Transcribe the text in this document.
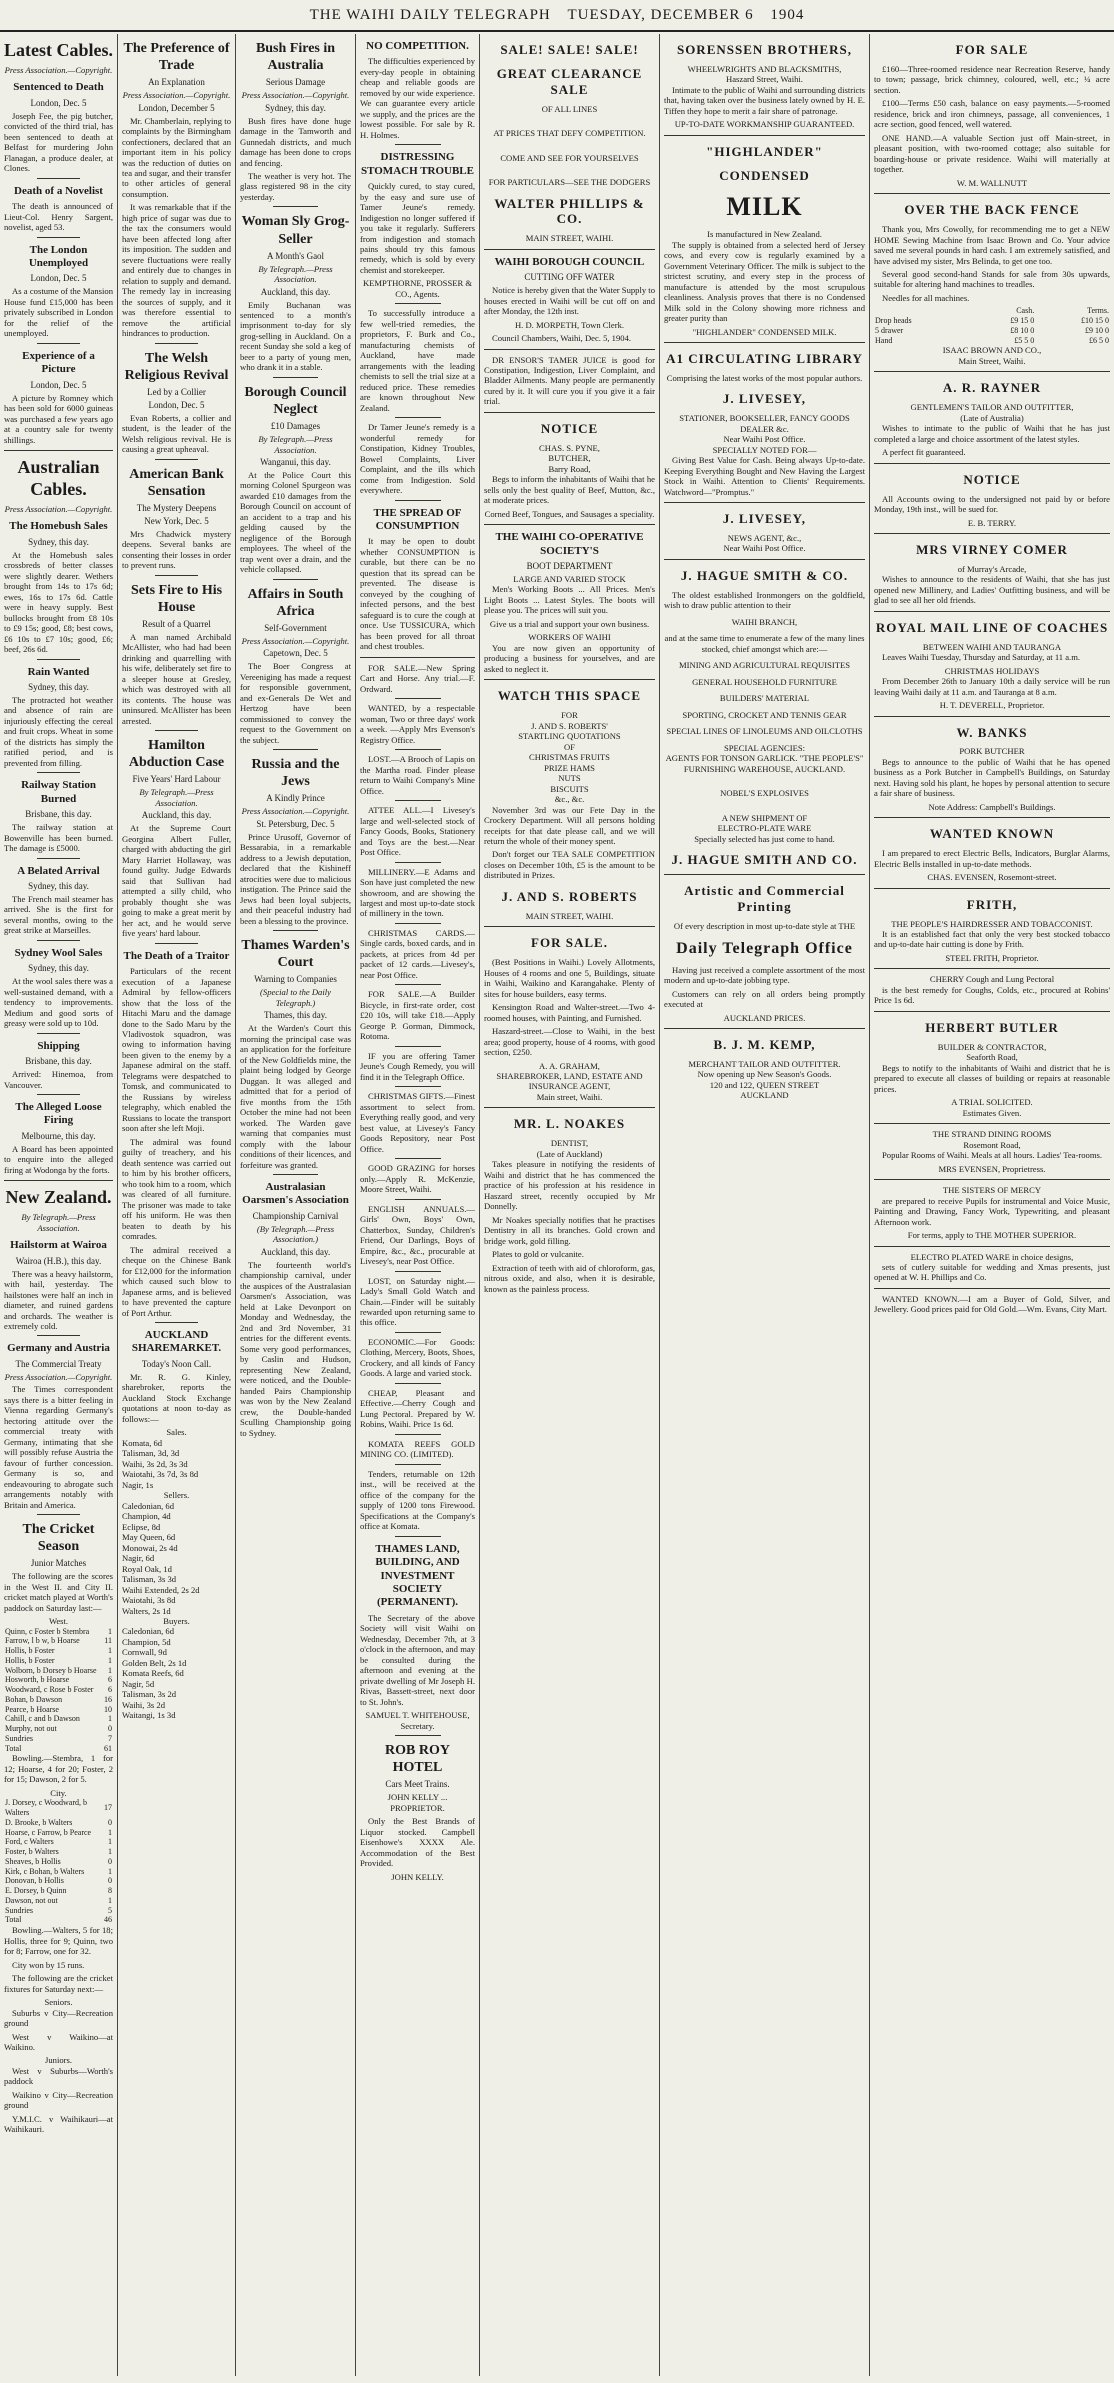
THE WAIHI DAILY TELEGRAPH TUESDAY, DECEMBER 6 1904
Latest Cables.
Press Association.—Copyright.
Sentenced to Death
London, Dec. 5

Joseph Fee, the pig butcher, convicted of the third trial, has been sentenced to death at Belfast for murdering John Flanagan, a produce dealer, at Clones.

Death of a Novelist

The death is announced of Lieut-Col. Henry Sargent, novelist, aged 53.

The London Unemployed
London, Dec. 5

As a costume of the Mansion House fund £15,000 has been privately subscribed in London for the relief of the unemployed.

Experience of a Picture
London, Dec. 5

A picture by Romney which has been sold for 6000 guineas was purchased a few years ago at a country sale for twenty shillings.

Australian Cables.
Press Association.—Copyright.
The Homebush Sales
Sydney, this day.

At the Homebush sales crossbreds of better classes were slightly dearer. Wethers brought from 14s to 17s 6d; ewes, 16s to 17s 6d. Cattle were in heavy supply. Best bullocks brought from £8 10s to £9 15s; good, £8; best cows, £6 10s to £7 10s; good, £6; beef, 26s 6d.

Rain Wanted
Sydney, this day.

The protracted hot weather and absence of rain are injuriously effecting the cereal and fruit crops. Wheat in some of the districts has simply the ratified period, and is prevented from filling.

Railway Station Burned
Brisbane, this day.

The railway station at Bowenville has been burned. The damage is £5000.

A Belated Arrival
Sydney, this day.

The French mail steamer has arrived. She is the first for several months, owing to the great strike at Marseilles.

Sydney Wool Sales
Sydney, this day.

At the wool sales there was a well-sustained demand, with a tendency to improvements. Medium and good sorts of greasy were sold up to 10d.

Shipping
Brisbane, this day.

Arrived: Hinemoa, from Vancouver.

The Alleged Loose Firing
Melbourne, this day.

A Board has been appointed to enquire into the alleged firing at Wodonga by the forts.

New Zealand.
By Telegraph.—Press Association.
Hailstorm at Wairoa
Wairoa (H.B.), this day.

There was a heavy hailstorm, with hail, yesterday. The hailstones were half an inch in diameter, and ruined gardens and orchards. The weather is extremely cold.

Germany and Austria
The Commercial Treaty
Press Association.—Copyright.

The Times correspondent says there is a bitter feeling in Vienna regarding Germany's hectoring attitude over the commercial treaty with Germany, intimating that she will possibly refuse Austria the favour of further concession. Germany is so, and endeavouring to abrogate such arrangements notably with Britain and America.

The Cricket Season
Junior Matches

The following are the scores in the West II. and City II. cricket match played at Worth's paddock on Saturday last:—

West.
Quinn, c Foster b Stembra	1
Farrow, l b w, b Hoarse	11
Hollis, b Foster	1
Hollis, b Foster	1
Wolborn, b Dorsey b Hoarse	1
Hosworth, b Hoarse	6
Woodward, c Rose b Foster	6
Bohan, b Dawson	16
Pearce, b Hoarse	10
Cahill, c and b Dawson	1
Murphy, not out	0
Sundries	7
Total	61

Bowling.—Stembra, 1 for 12; Hoarse, 4 for 20; Foster, 2 for 15; Dawson, 2 for 5.

City.
J. Dorsey, c Woodward, b Walters	17
D. Brooke, b Walters	0
Hoarse, c Farrow, b Pearce	1
Ford, c Walters	1
Foster, b Walters	1
Sheaves, b Hollis	0
Kirk, c Bohan, b Walters	1
Donovan, b Hollis	0
E. Dorsey, b Quinn	8
Dawson, not out	1
Sundries	5
Total	46

Bowling.—Walters, 5 for 18; Hollis, three for 9; Quinn, two for 8; Farrow, one for 32.

City won by 15 runs.

The following are the cricket fixtures for Saturday next:—

Seniors.

Suburbs v City—Recreation ground

West v Waikino—at Waikino.

Juniors.

West v Suburbs—Worth's paddock

Waikino v City—Recreation ground

Y.M.I.C. v Waihikauri—at Waihikauri.

The Preference of Trade
An Explanation
Press Association.—Copyright.
London, December 5

Mr. Chamberlain, replying to complaints by the Birmingham confectioners, declared that an important item in his policy was the reduction of duties on tea and sugar, and their transfer to other articles of general consumption.

It was remarkable that if the high price of sugar was due to the tax the consumers would have been affected long after its imposition. The sudden and severe fluctuations were really and entirely due to changes in relation to supply and demand. The remedy lay in increasing the sources of supply, and it was therefore essential to remove the artificial hindrances to production.

The Welsh Religious Revival
Led by a Collier
London, Dec. 5

Evan Roberts, a collier and student, is the leader of the Welsh religious revival. He is causing a great upheaval.

American Bank Sensation
The Mystery Deepens
New York, Dec. 5

Mrs Chadwick mystery deepens. Several banks are consenting their losses in order to prevent runs.

Sets Fire to His House
Result of a Quarrel

A man named Archibald McAllister, who had had been drinking and quarrelling with his wife, deliberately set fire to a sleeper house at Gresley, which was destroyed with all its contents. The house was uninsured. McAllister has been arrested.

Hamilton Abduction Case
Five Years' Hard Labour
By Telegraph.—Press Association.
Auckland, this day.

At the Supreme Court Georgina Albert Fuller, charged with abducting the girl Mary Harriet Hollaway, was found guilty. Judge Edwards said that Sullivan had attempted a silly child, who probably thought she was going to make a great merit by her act, and he would serve five years' hard labour.

The Death of a Traitor

Particulars of the recent execution of a Japanese Admiral by fellow-officers show that the loss of the Hitachi Maru and the damage done to the Sado Maru by the Vladivostok squadron, was owing to information having been given to the enemy by a Japanese admiral on the staff. Telegrams were despatched to Tomsk, and communicated to the Russians by wireless telegraphy, which enabled the Russians to locate the transport soon after she left Moji.

The admiral was found guilty of treachery, and his death sentence was carried out to him by his brother officers, who took him to a room, which was cleared of all furniture. The prisoner was made to take off his uniform. He was then beaten to death by his comrades.

The admiral received a cheque on the Chinese Bank for £12,000 for the information which caused such blow to Japanese arms, and is believed to have prevented the capture of Port Arthur.

AUCKLAND SHAREMARKET.
Today's Noon Call.

Mr. R. G. Kinley, sharebroker, reports the Auckland Stock Exchange quotations at noon to-day as follows:—

Sales.
Komata, 6d
Talisman, 3d, 3d
Waihi, 3s 2d, 3s 3d
Waiotahi, 3s 7d, 3s 8d
Nagir, 1s
Sellers.
Caledonian, 6d
Champion, 4d
Eclipse, 8d
May Queen, 6d
Monowai, 2s 4d
Nagir, 6d
Royal Oak, 1d
Talisman, 3s 3d
Waihi Extended, 2s 2d
Waiotahi, 3s 8d
Walters, 2s 1d
Buyers.
Caledonian, 6d
Champion, 5d
Cornwall, 9d
Golden Belt, 2s 1d
Komata Reefs, 6d
Nagir, 5d
Talisman, 3s 2d
Waihi, 3s 2d
Waitangi, 1s 3d
Bush Fires in Australia
Serious Damage
Press Association.—Copyright.
Sydney, this day.

Bush fires have done huge damage in the Tamworth and Gunnedah districts, and much damage has been done to crops and fencing.

The weather is very hot. The glass registered 98 in the city yesterday.

Woman Sly Grog-Seller
A Month's Gaol
By Telegraph.—Press Association.
Auckland, this day.

Emily Buchanan was sentenced to a month's imprisonment to-day for sly grog-selling in Auckland. On a recent Sunday she sold a keg of beer to a party of young men, who drank it in a stable.

Borough Council Neglect
£10 Damages
By Telegraph.—Press Association.
Wanganui, this day.

At the Police Court this morning Colonel Spurgeon was awarded £10 damages from the Borough Council on account of an accident to a trap and his gelding caused by the negligence of the Borough employees. The wheel of the trap went over a drain, and the vehicle collapsed.

Affairs in South Africa
Self-Government
Press Association.—Copyright.
Capetown, Dec. 5

The Boer Congress at Vereeniging has made a request for responsible government, and ex-Generals De Wet and Hertzog have been commissioned to convey the request to the Government on the subject.

Russia and the Jews
A Kindly Prince
Press Association.—Copyright.
St. Petersburg, Dec. 5

Prince Urusoff, Governor of Bessarabia, in a remarkable address to a Jewish deputation, declared that the Kishineff atrocities were due to malicious instigation. The Prince said the Jews had been loyal subjects, and their peaceful industry had been a blessing to the province.

Thames Warden's Court
Warning to Companies
(Special to the Daily Telegraph.)
Thames, this day.

At the Warden's Court this morning the principal case was an application for the forfeiture of the New Goldfields mine, the plaint being lodged by George Duggan. It was alleged and admitted that for a period of five months from the 15th October the mine had not been worked. The Warden gave warning that companies must comply with the labour conditions of their licences, and forfeiture was granted.

Australasian Oarsmen's Association
Championship Carnival
(By Telegraph.—Press Association.)
Auckland, this day.

The fourteenth world's championship carnival, under the auspices of the Australasian Oarsmen's Association, was held at Lake Devonport on Monday and Wednesday, the 2nd and 3rd November, 31 entries for the different events. Some very good performances, by Caslin and Hudson, representing New Zealand, were noticed, and the Double-handed Pairs Championship was won by the New Zealand crew, the Double-handed Sculling Championship going to Sydney.

NO COMPETITION.

The difficulties experienced by every-day people in obtaining cheap and reliable goods are removed by our wide experience. We can guarantee every article we supply, and the prices are the lowest possible. For sale by R. H. Holmes.

DISTRESSING STOMACH TROUBLE

Quickly cured, to stay cured, by the easy and sure use of Tamer Jeune's remedy. Indigestion no longer suffered if you take it regularly. Sufferers from indigestion and stomach pains should try this famous remedy, which is sold by every chemist and storekeeper.

KEMPTHORNE, PROSSER & CO., Agents.

To successfully introduce a few well-tried remedies, the proprietors, F. Burk and Co., manufacturing chemists of Auckland, have made arrangements with the leading chemists to sell the trial size at a reduced price. These remedies are known throughout New Zealand.

Dr Tamer Jeune's remedy is a wonderful remedy for Constipation, Kidney Troubles, Bowel Complaints, Liver Complaint, and the ills which come from Indigestion. Sold everywhere.

THE SPREAD OF CONSUMPTION

It may be open to doubt whether CONSUMPTION is curable, but there can be no question that its spread can be prevented. The disease is conveyed by the coughing of infected persons, and the best safeguard is to cure the cough at once. Use TUSSICURA, which has been proved for all throat and chest troubles.

FOR SALE.—New Spring Cart and Horse. Any trial.—F. Ordward.

WANTED, by a respectable woman, Two or three days' work a week. —Apply Mrs Evenson's Registry Office.

LOST.—A Brooch of Lapis on the Martha road. Finder please return to Waihi Company's Mine Office.

ATTEE ALL.—I Livesey's large and well-selected stock of Fancy Goods, Books, Stationery and Toys are the best.—Near Post Office.

MILLINERY.—E Adams and Son have just completed the new showroom, and are showing the largest and most up-to-date stock of millinery in the town.

CHRISTMAS CARDS.—Single cards, boxed cards, and in packets, at prices from 4d per packet of 12 cards.—Livesey's, near Post Office.

FOR SALE.—A Builder Bicycle, in first-rate order, cost £20 10s, will take £18.—Apply George P. Gorman, Dimmock, Rotoma.

IF you are offering Tamer Jeune's Cough Remedy, you will find it in the Telegraph Office.

CHRISTMAS GIFTS.—Finest assortment to select from. Everything really good, and very best value, at Livesey's Fancy Goods Repository, near Post Office.

GOOD GRAZING for horses only.—Apply R. McKenzie, Moore Street, Waihi.

ENGLISH ANNUALS.—Girls' Own, Boys' Own, Chatterbox, Sunday, Children's Friend, Our Darlings, Boys of Empire, &c., &c., procurable at Livesey's, near Post Office.

LOST, on Saturday night.—Lady's Small Gold Watch and Chain.—Finder will be suitably rewarded upon returning same to this office.

ECONOMIC.—For Goods: Clothing, Mercery, Boots, Shoes, Crockery, and all kinds of Fancy Goods. A large and varied stock.

CHEAP, Pleasant and Effective.—Cherry Cough and Lung Pectoral. Prepared by W. Robins, Waihi. Price 1s 6d.

KOMATA REEFS GOLD MINING CO. (LIMITED).

Tenders, returnable on 12th inst., will be received at the office of the company for the supply of 1200 tons Firewood. Specifications at the Company's office at Komata.

THAMES LAND, BUILDING, AND INVESTMENT SOCIETY (PERMANENT).

The Secretary of the above Society will visit Waihi on Wednesday, December 7th, at 3 o'clock in the afternoon, and may be consulted during the afternoon and evening at the private dwelling of Mr Joseph H. Rivas, Bassett-street, next door to St. John's.

SAMUEL T. WHITEHOUSE, Secretary.

ROB ROY HOTEL
Cars Meet Trains.

JOHN KELLY ... PROPRIETOR.

Only the Best Brands of Liquor stocked. Campbell Eisenhowe's XXXX Ale. Accommodation of the Best Provided.

JOHN KELLY.

SALE! SALE! SALE!
GREAT CLEARANCE SALE
OF ALL LINES
AT PRICES THAT DEFY COMPETITION.
COME AND SEE FOR YOURSELVES
FOR PARTICULARS—SEE THE DODGERS
WALTER PHILLIPS & CO.
MAIN STREET, WAIHI.
WAIHI BOROUGH COUNCIL
CUTTING OFF WATER

Notice is hereby given that the Water Supply to houses erected in Waihi will be cut off on and after Monday, the 12th inst.

H. D. MORPETH, Town Clerk.

Council Chambers, Waihi, Dec. 5, 1904.

DR ENSOR'S TAMER JUICE is good for Constipation, Indigestion, Liver Complaint, and Bladder Ailments. Many people are permanently cured by it. It will cure you if you give it a fair trial.

NOTICE
CHAS. S. PYNE,
BUTCHER,
Barry Road,

Begs to inform the inhabitants of Waihi that he sells only the best quality of Beef, Mutton, &c., at moderate prices.

Corned Beef, Tongues, and Sausages a speciality.

THE WAIHI CO-OPERATIVE SOCIETY'S
BOOT DEPARTMENT
LARGE AND VARIED STOCK

Men's Working Boots ... All Prices. Men's Light Boots ... Latest Styles. The boots will please you. The prices will suit you.

Give us a trial and support your own business.

WORKERS OF WAIHI

You are now given an opportunity of producing a business for yourselves, and are asked to neglect it.

WATCH THIS SPACE
FOR
J. AND S. ROBERTS'
STARTLING QUOTATIONS
OF
CHRISTMAS FRUITS
PRIZE HAMS
NUTS
BISCUITS
&c., &c.

November 3rd was our Fete Day in the Crockery Department. Will all persons holding receipts for that date please call, and we will return the whole of their money spent.

Don't forget our TEA SALE COMPETITION closes on December 10th, £5 is the amount to be distributed in Prizes.

J. AND S. ROBERTS
MAIN STREET, WAIHI.
FOR SALE.

(Best Positions in Waihi.) Lovely Allotments, Houses of 4 rooms and one 5, Buildings, situate in Waihi, Waikino and Karangahake. Plenty of sites for house builders, easy terms.

Kensington Road and Walter-street.—Two 4-roomed houses, with Painting, and Furnished.

Haszard-street.—Close to Waihi, in the best area; good property, house of 4 rooms, with good section, £250.

A. A. GRAHAM,
SHAREBROKER, LAND, ESTATE AND INSURANCE AGENT,
Main street, Waihi.
MR. L. NOAKES
DENTIST,
(Late of Auckland)

Takes pleasure in notifying the residents of Waihi and district that he has commenced the practice of his profession at his residence in Haszard street, recently occupied by Mr Donnelly.

Mr Noakes specially notifies that he practises Dentistry in all its branches. Gold crown and bridge work, gold filling.

Plates to gold or vulcanite.

Extraction of teeth with aid of chloroform, gas, nitrous oxide, and also, when it is desirable, known as the painless process.

SORENSSEN BROTHERS,
WHEELWRIGHTS AND BLACKSMITHS,
Haszard Street, Waihi.

Intimate to the public of Waihi and surrounding districts that, having taken over the business lately owned by H. E. Tiffen they hope to merit a fair share of patronage.

UP-TO-DATE WORKMANSHIP GUARANTEED.
"HIGHLANDER"
CONDENSED
MILK
Is manufactured in New Zealand.

The supply is obtained from a selected herd of Jersey cows, and every cow is regularly examined by a Government Veterinary Officer. The milk is subject to the strictest scrutiny, and every step in the process of manufacture is attended by the most scrupulous cleanliness. Analysis proves that there is no Condensed Milk sold in the Colony showing more richness and greater purity than

"HIGHLANDER" CONDENSED MILK.
A1 CIRCULATING LIBRARY
Comprising the latest works of the most popular authors.
J. LIVESEY,
STATIONER, BOOKSELLER, FANCY GOODS DEALER &c.
Near Waihi Post Office.
SPECIALLY NOTED FOR—

Giving Best Value for Cash. Being always Up-to-date. Keeping Everything Bought and New Having the Largest Stock in Waihi. Attention to Clients' Requirements. Watchword—"Promptus."

J. LIVESEY,
NEWS AGENT, &c.,
Near Waihi Post Office.
J. HAGUE SMITH & CO.

The oldest established Ironmongers on the goldfield, wish to draw public attention to their

WAIHI BRANCH,
and at the same time to enumerate a few of the many lines stocked, chief amongst which are:—
MINING AND AGRICULTURAL REQUISITES
GENERAL HOUSEHOLD FURNITURE
BUILDERS' MATERIAL
SPORTING, CROCKET AND TENNIS GEAR
SPECIAL LINES OF LINOLEUMS AND OILCLOTHS
SPECIAL AGENCIES:
AGENTS FOR TONSON GARLICK. "THE PEOPLE'S" FURNISHING WAREHOUSE, AUCKLAND.
NOBEL'S EXPLOSIVES
A NEW SHIPMENT OF
ELECTRO-PLATE WARE
Specially selected has just come to hand.
J. HAGUE SMITH AND CO.
Artistic and Commercial Printing
Of every description in most up-to-date style at THE
Daily Telegraph Office

Having just received a complete assortment of the most modern and up-to-date jobbing type.

Customers can rely on all orders being promptly executed at

AUCKLAND PRICES.
B. J. M. KEMP,
MERCHANT TAILOR AND OUTFITTER.
Now opening up New Season's Goods.
120 and 122, QUEEN STREET
AUCKLAND
FOR SALE

£160—Three-roomed residence near Recreation Reserve, handy to town; passage, brick chimney, coloured, well, etc.; ¼ acre section.

£100—Terms £50 cash, balance on easy payments.—5-roomed residence, brick and iron chimneys, passage, all conveniences, 1 acre section, good fenced, well watered.

ONE HAND.—A valuable Section just off Main-street, in pleasant position, with two-roomed cottage; also suitable for boarding-house or private residence. Waihi will materially at together.

W. M. WALLNUTT
OVER THE BACK FENCE

Thank you, Mrs Cowolly, for recommending me to get a NEW HOME Sewing Machine from Isaac Brown and Co. Your advice saved me several pounds in hard cash. I am extremely satisfied, and have advised my sister, Mrs Belinda, to get one too.

Several good second-hand Stands for sale from 30s upwards, suitable for altering hand machines to treadles.

Needles for all machines.

	Cash.	Terms.
Drop heads	£9 15 0	£10 15 0
5 drawer	£8 10 0	£9 10 0
Hand	£5 5 0	£6 5 0
ISAAC BROWN AND CO.,
Main Street, Waihi.
A. R. RAYNER
GENTLEMEN'S TAILOR AND OUTFITTER,
(Late of Australia)

Wishes to intimate to the public of Waihi that he has just completed a large and choice assortment of the latest styles.

A perfect fit guaranteed.

NOTICE

All Accounts owing to the undersigned not paid by or before Monday, 19th inst., will be sued for.

E. B. TERRY.
MRS VIRNEY COMER
of Murray's Arcade,

Wishes to announce to the residents of Waihi, that she has just opened new Millinery, and Ladies' Outfitting business, and will be glad to see all her old friends.

ROYAL MAIL LINE OF COACHES
BETWEEN WAIHI AND TAURANGA

Leaves Waihi Tuesday, Thursday and Saturday, at 11 a.m.

CHRISTMAS HOLIDAYS

From December 26th to January 10th a daily service will be run leaving Waihi daily at 11 a.m. and Tauranga at 8 a.m.

H. T. DEVERELL, Proprietor.
W. BANKS
PORK BUTCHER

Begs to announce to the public of Waihi that he has opened business as a Pork Butcher in Campbell's Buildings, on Saturday next. Having sold his plant, he hopes by personal attention to secure a fair share of business.

Note Address: Campbell's Buildings.
WANTED KNOWN

I am prepared to erect Electric Bells, Indicators, Burglar Alarms, Electric Bells installed in up-to-date methods.

CHAS. EVENSEN, Rosemont-street.
FRITH,
THE PEOPLE'S HAIRDRESSER AND TOBACCONIST.

It is an established fact that only the very best stocked tobacco and up-to-date hair cutting is done by Frith.

STEEL FRITH, Proprietor.
CHERRY Cough and Lung Pectoral

is the best remedy for Coughs, Colds, etc., procured at Robins' Price 1s 6d.

HERBERT BUTLER
BUILDER & CONTRACTOR,
Seaforth Road,

Begs to notify to the inhabitants of Waihi and district that he is prepared to execute all classes of building or repairs at reasonable prices.

A TRIAL SOLICITED.
Estimates Given.
THE STRAND DINING ROOMS
Rosemont Road,

Popular Rooms of Waihi. Meals at all hours. Ladies' Tea-rooms.

MRS EVENSEN, Proprietress.
THE SISTERS OF MERCY

are prepared to receive Pupils for instrumental and Voice Music, Painting and Drawing, Fancy Work, Typewriting, and pleasant Afternoon work.

For terms, apply to THE MOTHER SUPERIOR.
ELECTRO PLATED WARE in choice designs,

sets of cutlery suitable for wedding and Xmas presents, just opened at W. H. Phillips and Co.

WANTED KNOWN.—I am a Buyer of Gold, Silver, and Jewellery. Good prices paid for Old Gold.—Wm. Evans, City Mart.
